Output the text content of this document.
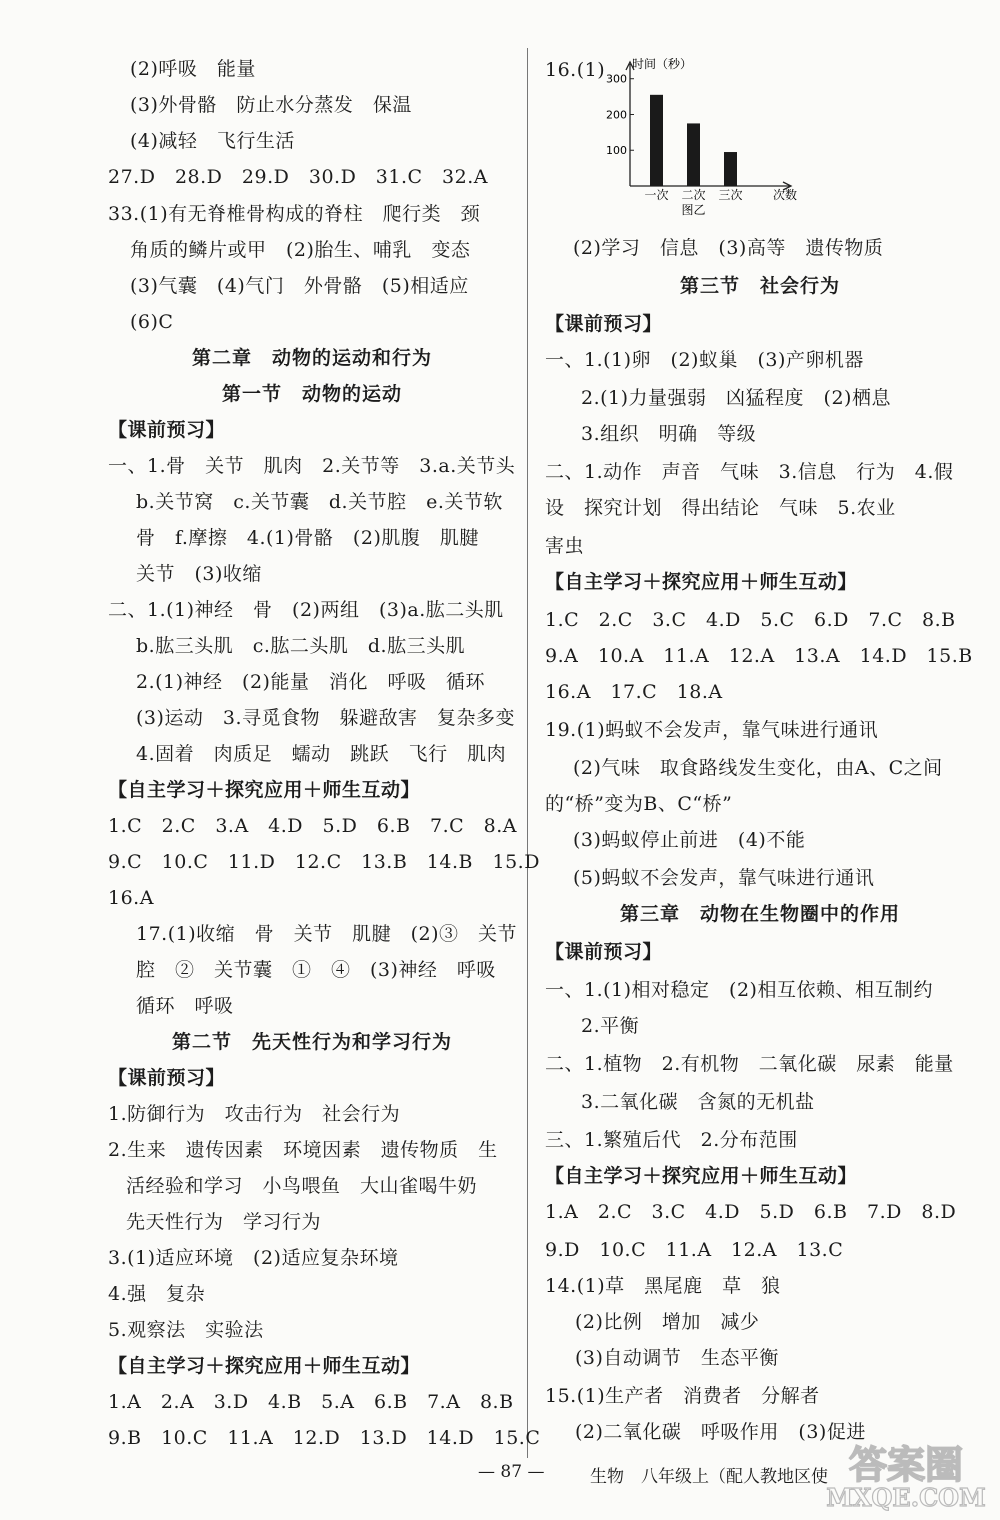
(2)呼吸　能量
(3)外骨骼　防止水分蒸发　保温
(4)减轻　飞行生活
27.D　28.D　29.D　30.D　31.C　32.A
33.(1)有无脊椎骨构成的脊柱　爬行类　颈
角质的鳞片或甲　(2)胎生、哺乳　变态
(3)气囊　(4)气门　外骨骼　(5)相适应
(6)C
第二章　动物的运动和行为
第一节　动物的运动
【课前预习】
一、1.骨　关节　肌肉　2.关节等　3.a.关节头
b.关节窝　c.关节囊　d.关节腔　e.关节软
骨　f.摩擦　4.(1)骨骼　(2)肌腹　肌腱
关节　(3)收缩
二、1.(1)神经　骨　(2)两组　(3)a.肱二头肌
b.肱三头肌　c.肱二头肌　d.肱三头肌
2.(1)神经　(2)能量　消化　呼吸　循环
(3)运动　3.寻觅食物　躲避敌害　复杂多变
4.固着　肉质足　蠕动　跳跃　飞行　肌肉
【自主学习＋探究应用＋师生互动】
1.C　2.C　3.A　4.D　5.D　6.B　7.C　8.A
9.C　10.C　11.D　12.C　13.B　14.B　15.D
16.A
17.(1)收缩　骨　关节　肌腱　(2)③　关节
腔　②　关节囊　①　④　(3)神经　呼吸
循环　呼吸
第二节　先天性行为和学习行为
【课前预习】
1.防御行为　攻击行为　社会行为
2.生来　遗传因素　环境因素　遗传物质　生
活经验和学习　小鸟喂鱼　大山雀喝牛奶
先天性行为　学习行为
3.(1)适应环境　(2)适应复杂环境
4.强　复杂
5.观察法　实验法
【自主学习＋探究应用＋师生互动】
1.A　2.A　3.D　4.B　5.A　6.B　7.A　8.B
9.B　10.C　11.A　12.D　13.D　14.D　15.C
16.(1)
(2)学习　信息　(3)高等　遗传物质
第三节　社会行为
【课前预习】
一、1.(1)卵　(2)蚁巢　(3)产卵机器
2.(1)力量强弱　凶猛程度　(2)栖息
3.组织　明确　等级
二、1.动作　声音　气味　3.信息　行为　4.假
设　探究计划　得出结论　气味　5.农业
害虫
【自主学习＋探究应用＋师生互动】
1.C　2.C　3.C　4.D　5.C　6.D　7.C　8.B
9.A　10.A　11.A　12.A　13.A　14.D　15.B
16.A　17.C　18.A
19.(1)蚂蚁不会发声，靠气味进行通讯
(2)气味　取食路线发生变化，由A、C之间
的“桥”变为B、C“桥”
(3)蚂蚁停止前进　(4)不能
(5)蚂蚁不会发声，靠气味进行通讯
第三章　动物在生物圈中的作用
【课前预习】
一、1.(1)相对稳定　(2)相互依赖、相互制约
2.平衡
二、1.植物　2.有机物　二氧化碳　尿素　能量
3.二氧化碳　含氮的无机盐
三、1.繁殖后代　2.分布范围
【自主学习＋探究应用＋师生互动】
1.A　2.C　3.C　4.D　5.D　6.B　7.D　8.D
9.D　10.C　11.A　12.A　13.C
14.(1)草　黑尾鹿　草　狼
(2)比例　增加　减少
(3)自动调节　生态平衡
15.(1)生产者　消费者　分解者
(2)二氧化碳　呼吸作用　(3)促进
100
200
300
时间（秒）
一次 二次 三次	次数
图乙
— 87 —	生物　八年级上（配人教地区使 答案圈
MXQE.COM
